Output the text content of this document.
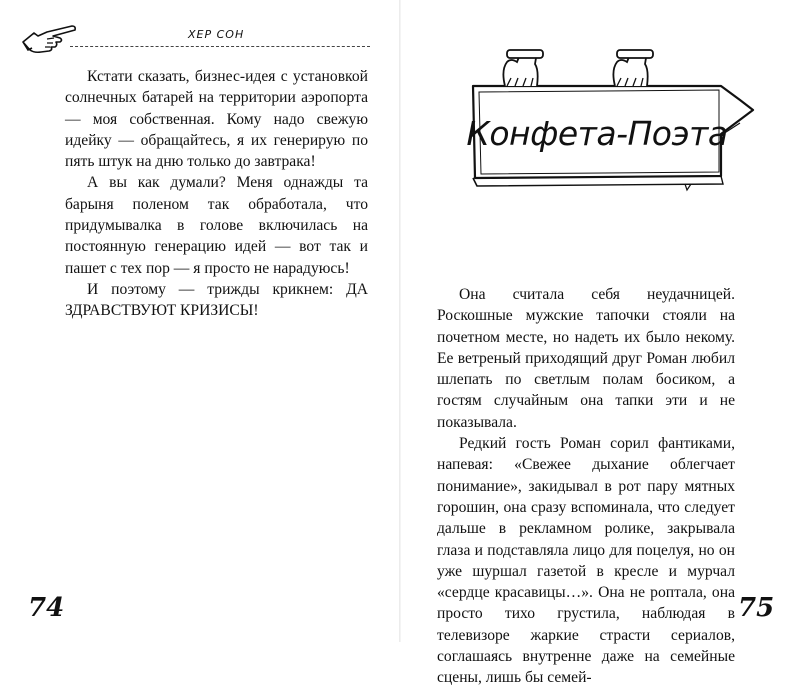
ХЕР СОН

Кстати сказать, бизнес-идея с установкой солнечных батарей на территории аэропорта — моя собственная. Кому надо свежую идейку — обращайтесь, я их генерирую по пять штук на дню только до завтрака!

А вы как думали? Меня однажды та барыня поленом так обработала, что придумывалка в голове включилась на постоянную генерацию идей — вот так и пашет с тех пор — я просто не нарадуюсь!

И поэтому — трижды крикнем: ДА ЗДРАВСТВУЮТ КРИЗИСЫ!

74
Конфета-Поэта

Она считала себя неудачницей. Роскошные мужские тапочки стояли на почетном месте, но надеть их было некому. Ее ветреный приходящий друг Роман любил шлепать по светлым полам босиком, а гостям случайным она тапки эти и не показывала.

Редкий гость Роман сорил фантиками, напевая: «Свежее дыхание облегчает понимание», закидывал в рот пару мятных горошин, она сразу вспоминала, что следует дальше в рекламном ролике, закрывала глаза и подставляла лицо для поцелуя, но он уже шуршал газетой в кресле и мурчал «сердце красавицы…». Она не роптала, она просто тихо грустила, наблюдая в телевизоре жаркие страсти сериалов, соглашаясь внутренне даже на семейные сцены, лишь бы семей-

75
